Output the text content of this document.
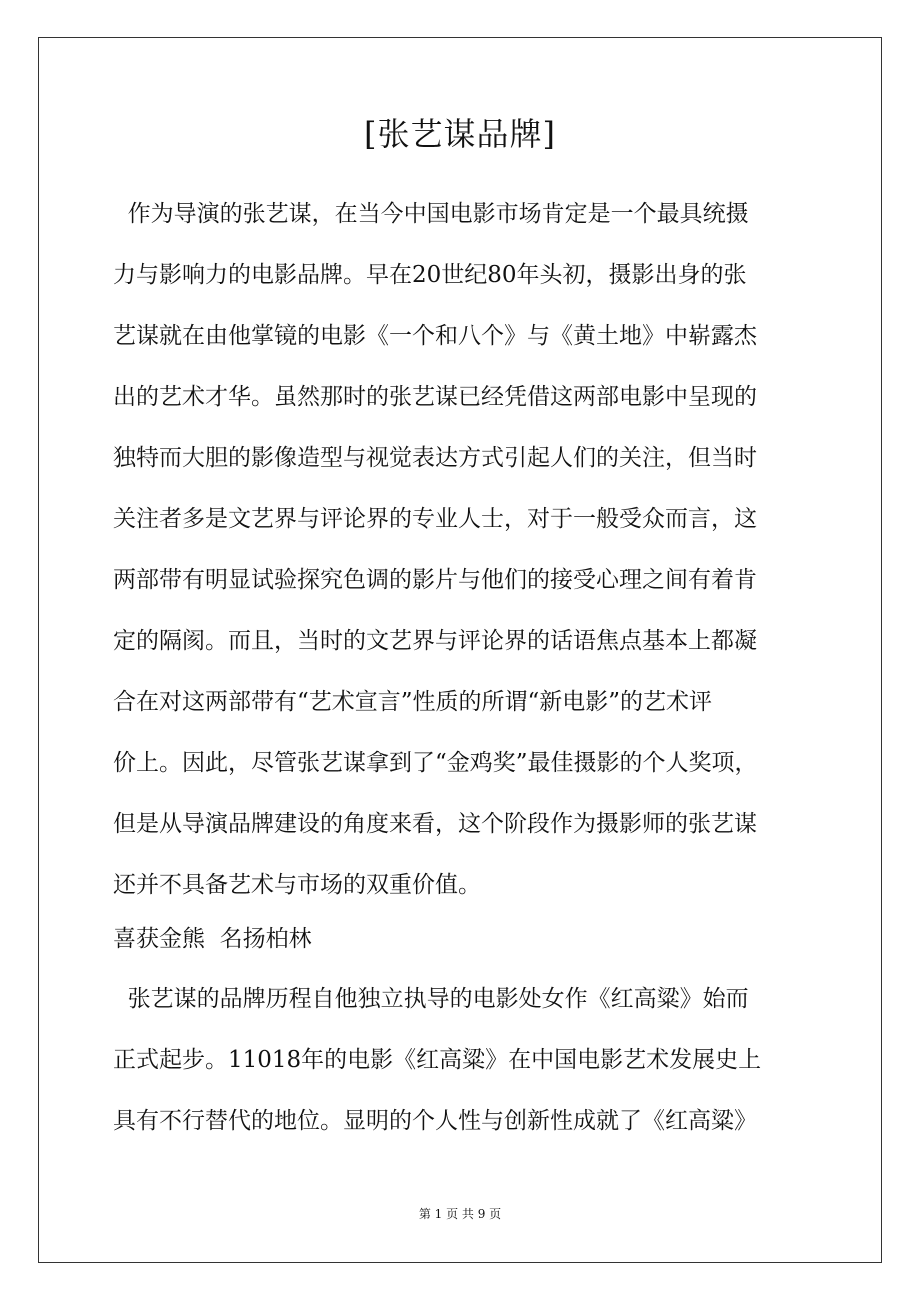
[张艺谋品牌]
作为导演的张艺谋，在当今中国电影市场肯定是一个最具统摄
力与影响力的电影品牌。早在20世纪80年头初，摄影出身的张
艺谋就在由他掌镜的电影《一个和八个》与《黄土地》中崭露杰
出的艺术才华。虽然那时的张艺谋已经凭借这两部电影中呈现的
独特而大胆的影像造型与视觉表达方式引起人们的关注，但当时
关注者多是文艺界与评论界的专业人士，对于一般受众而言，这
两部带有明显试验探究色调的影片与他们的接受心理之间有着肯
定的隔阂。而且，当时的文艺界与评论界的话语焦点基本上都凝
合在对这两部带有“艺术宣言”性质的所谓“新电影”的艺术评
价上。因此，尽管张艺谋拿到了“金鸡奖”最佳摄影的个人奖项，
但是从导演品牌建设的角度来看，这个阶段作为摄影师的张艺谋
还并不具备艺术与市场的双重价值。
喜获金熊  名扬柏林
张艺谋的品牌历程自他独立执导的电影处女作《红高粱》始而
正式起步。11018年的电影《红高粱》在中国电影艺术发展史上
具有不行替代的地位。显明的个人性与创新性成就了《红高粱》
第 1 页 共 9 页
